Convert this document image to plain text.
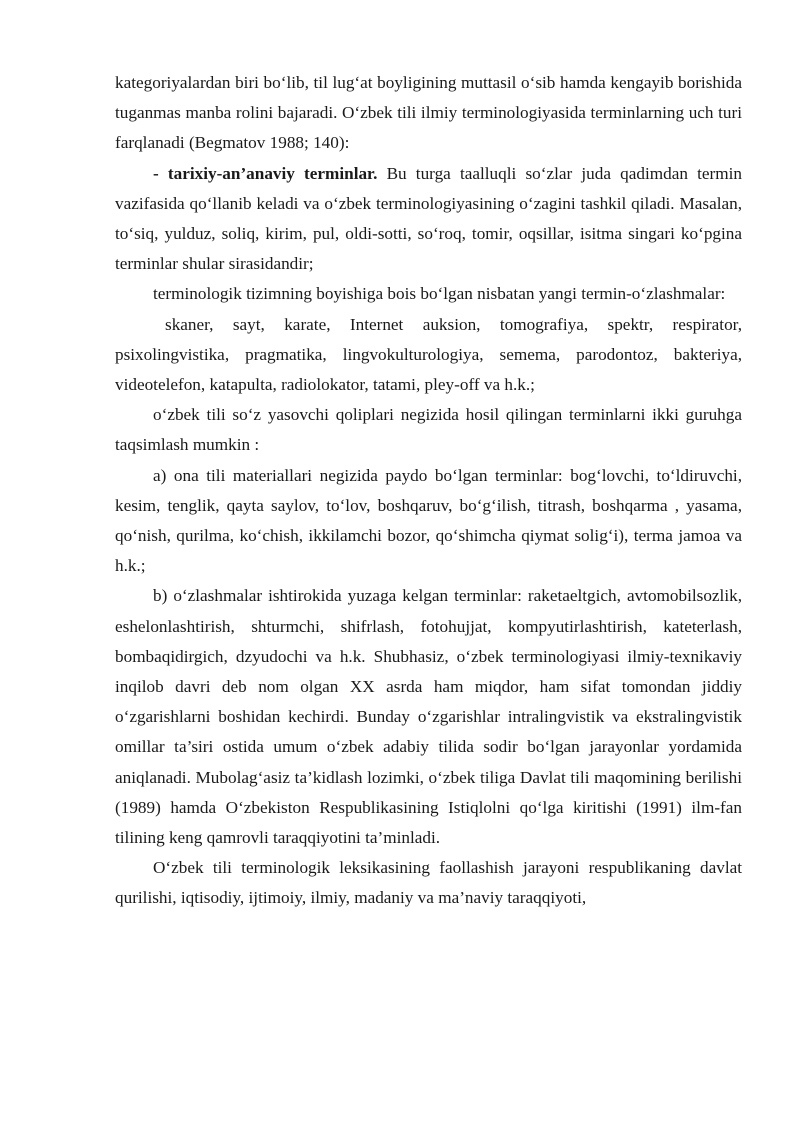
kategoriyalardan biri bo‘lib, til lug‘at boyligining muttasil o‘sib hamda kengayib borishida tuganmas manba rolini bajaradi. O‘zbek tili ilmiy terminologiyasida terminlarning uch turi farqlanadi (Begmatov 1988; 140):

- tarixiy-an’anaviy terminlar. Bu turga taalluqli so‘zlar juda qadimdan termin vazifasida qo‘llanib keladi va o‘zbek terminologiyasining o‘zagini tashkil qiladi. Masalan, to‘siq, yulduz, soliq, kirim, pul, oldi-sotti, so‘roq, tomir, oqsillar, isitma singari ko‘pgina terminlar shular sirasidandir;

terminologik tizimning boyishiga bois bo‘lgan nisbatan yangi termin-o‘zlashmalar:

skaner, sayt, karate, Internet auksion, tomografiya, spektr, respirator, psixolingvistika, pragmatika, lingvokulturologiya, semema, parodontoz, bakteriya, videotelefon, katapulta, radiolokator, tatami, pley-off va h.k.;

o‘zbek tili so‘z yasovchi qoliplari negizida hosil qilingan terminlarni ikki guruhga taqsimlash mumkin :

a) ona tili materiallari negizida paydo bo‘lgan terminlar: bog‘lovchi, to‘ldiruvchi, kesim, tenglik, qayta saylov, to‘lov, boshqaruv, bo‘g‘ilish, titrash, boshqarma , yasama, qo‘nish, qurilma, ko‘chish, ikkilamchi bozor, qo‘shimcha qiymat solig‘i), terma jamoa va h.k.;

b) o‘zlashmalar ishtirokida yuzaga kelgan terminlar: raketaeltgich, avtomobilsozlik, eshelonlashtirish, shturmchi, shifrlash, fotohujjat, kompyutirlashtirish, kateterlash, bombaqidirgich, dzyudochi va h.k. Shubhasiz, o‘zbek terminologiyasi ilmiy-texnikaviy inqilob davri deb nom olgan XX asrda ham miqdor, ham sifat tomondan jiddiy o‘zgarishlarni boshidan kechirdi. Bunday o‘zgarishlar intralingvistik va ekstralingvistik omillar ta’siri ostida umum o‘zbek adabiy tilida sodir bo‘lgan jarayonlar yordamida aniqlanadi. Mubolag‘asiz ta’kidlash lozimki, o‘zbek tiliga Davlat tili maqomining berilishi (1989) hamda O‘zbekiston Respublikasining Istiqlolni qo‘lga kiritishi (1991) ilm-fan tilining keng qamrovli taraqqiyotini ta’minladi.

O‘zbek tili terminologik leksikasining faollashish jarayoni respublikaning davlat qurilishi, iqtisodiy, ijtimoiy, ilmiy, madaniy va ma’naviy taraqqiyoti,
